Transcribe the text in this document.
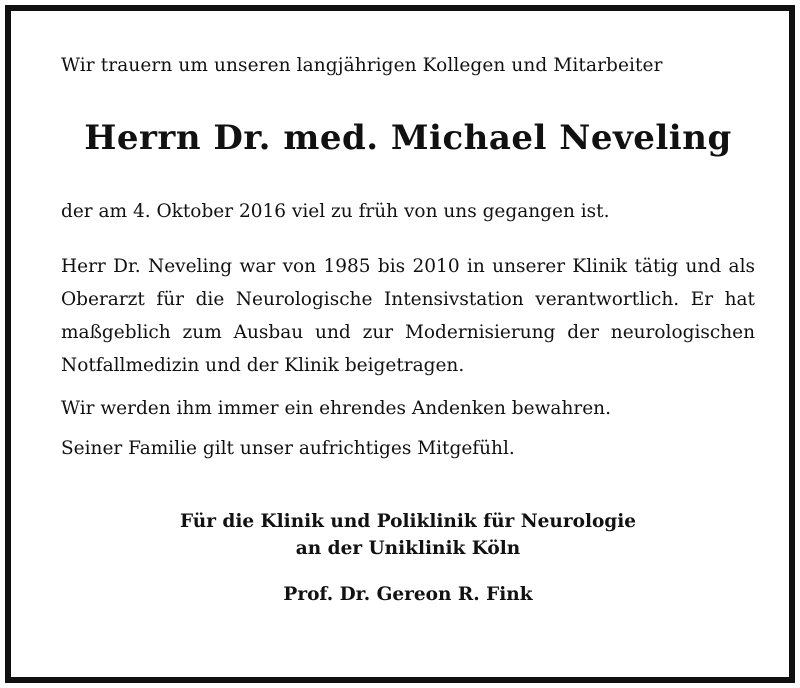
Wir trauern um unseren langjährigen Kollegen und Mitarbeiter

Herrn Dr. med. Michael Neveling

der am 4. Oktober 2016 viel zu früh von uns gegangen ist.

Herr Dr. Neveling war von 1985 bis 2010 in unserer Klinik tätig und als Oberarzt für die Neurologische Intensivstation verantwortlich. Er hat maßgeblich zum Ausbau und zur Modernisierung der neurologischen Notfallmedizin und der Klinik beigetragen.

Wir werden ihm immer ein ehrendes Andenken bewahren.

Seiner Familie gilt unser aufrichtiges Mitgefühl.

Für die Klinik und Poliklinik für Neurologie
an der Uniklinik Köln
Prof. Dr. Gereon R. Fink
